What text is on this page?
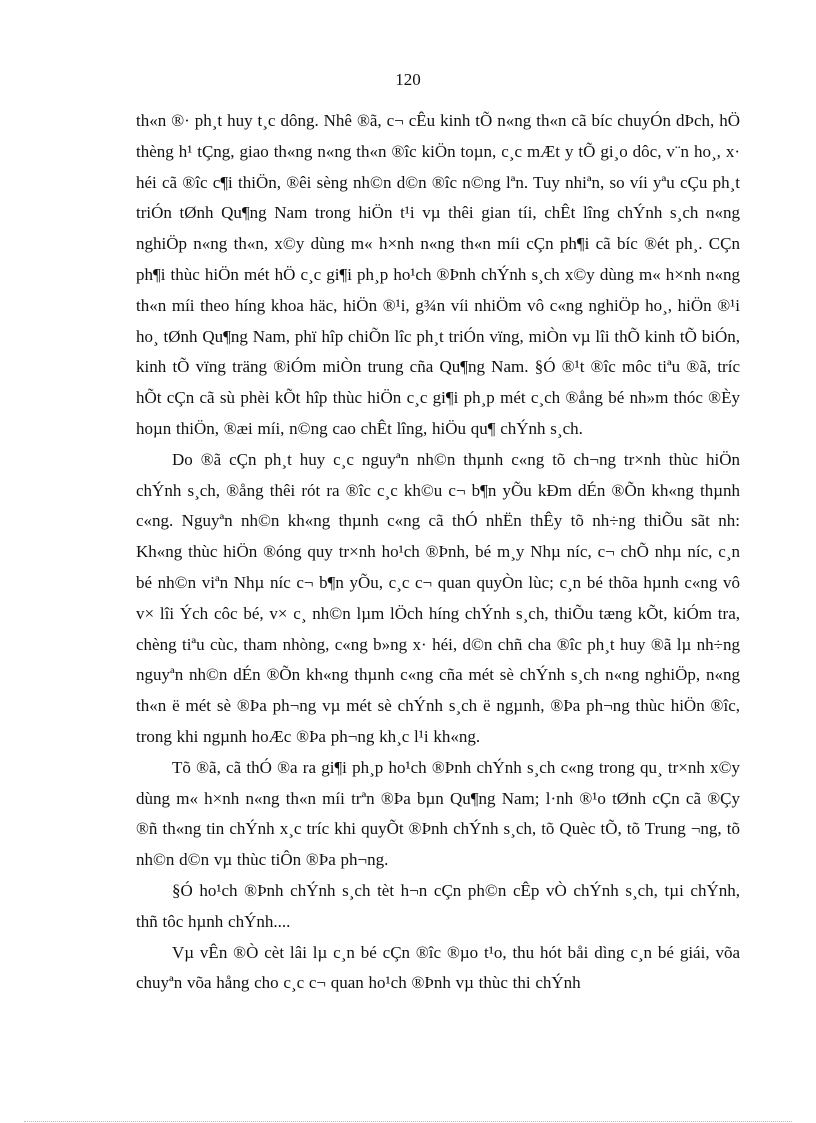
120

th«n ®· ph¸t huy t¸c dông. Nhê ®ã, c¬ cÊu kinh tÕ n«ng th«n cã bíc chuyÓn dÞch, hÖ thèng h¹ tÇng, giao th«ng n«ng th«n ®îc kiÖn toµn, c¸c mÆt y tÕ gi¸o dôc, v¨n ho¸, x· héi cã ®îc c¶i thiÖn, ®êi sèng nh©n d©n ®îc n©ng lªn. Tuy nhiªn, so víi yªu cÇu ph¸t triÓn tØnh Qu¶ng Nam trong hiÖn t¹i vµ thêi gian tíi, chÊt lîng chÝnh s¸ch n«ng nghiÖp n«ng th«n, x©y dùng m« h×nh n«ng th«n míi cÇn ph¶i cã bíc ®ét ph¸. CÇn ph¶i thùc hiÖn mét hÖ c¸c gi¶i ph¸p ho¹ch ®Þnh chÝnh s¸ch x©y dùng m« h×nh n«ng th«n míi theo híng khoa häc, hiÖn ®¹i, g¾n víi nhiÖm vô c«ng nghiÖp ho¸, hiÖn ®¹i ho¸ tØnh Qu¶ng Nam, phï hîp chiÕn lîc ph¸t triÓn vïng, miÒn vµ lîi thÕ kinh tÕ biÓn, kinh tÕ vïng träng ®iÓm miÒn trung cña Qu¶ng Nam. §Ó ®¹t ®îc môc tiªu ®ã, tríc hÕt cÇn cã sù phèi kÕt hîp thùc hiÖn c¸c gi¶i ph¸p mét c¸ch ®ång bé nh»m thóc ®Èy hoµn thiÖn, ®æi míi, n©ng cao chÊt lîng, hiÖu qu¶ chÝnh s¸ch.

Do ®ã cÇn ph¸t huy c¸c nguyªn nh©n thµnh c«ng tõ ch¬ng tr×nh thùc hiÖn chÝnh s¸ch, ®ång thêi rót ra ®îc c¸c kh©u c¬ b¶n yÕu kÐm dÉn ®Õn kh«ng thµnh c«ng. Nguyªn nh©n kh«ng thµnh c«ng cã thÓ nhËn thÊy tõ nh÷ng thiÕu sãt nh: Kh«ng thùc hiÖn ®óng quy tr×nh ho¹ch ®Þnh, bé m¸y Nhµ níc, c¬ chÕ nhµ níc, c¸n bé nh©n viªn Nhµ níc c¬ b¶n yÕu, c¸c c¬ quan quyÒn lùc; c¸n bé thõa hµnh c«ng vô v× lîi Ých côc bé, v× c¸ nh©n lµm lÖch híng chÝnh s¸ch, thiÕu tæng kÕt, kiÓm tra, chèng tiªu cùc, tham nhòng, c«ng b»ng x· héi, d©n chñ cha ®îc ph¸t huy ®ã lµ nh÷ng nguyªn nh©n dÉn ®Õn kh«ng thµnh c«ng cña mét sè chÝnh s¸ch n«ng nghiÖp, n«ng th«n ë mét sè ®Þa ph¬ng vµ mét sè chÝnh s¸ch ë ngµnh, ®Þa ph¬ng thùc hiÖn ®îc, trong khi ngµnh hoÆc ®Þa ph¬ng kh¸c l¹i kh«ng.

Tõ ®ã, cã thÓ ®a ra gi¶i ph¸p ho¹ch ®Þnh chÝnh s¸ch c«ng trong qu¸ tr×nh x©y dùng m« h×nh n«ng th«n míi trªn ®Þa bµn Qu¶ng Nam; l·nh ®¹o tØnh cÇn cã ®Çy ®ñ th«ng tin chÝnh x¸c tríc khi quyÕt ®Þnh chÝnh s¸ch, tõ Quèc tÕ, tõ Trung ¬ng, tõ nh©n d©n vµ thùc tiÔn ®Þa ph¬ng.

§Ó ho¹ch ®Þnh chÝnh s¸ch tèt h¬n cÇn ph©n cÊp vÒ chÝnh s¸ch, tµi chÝnh, thñ tôc hµnh chÝnh....

Vµ vÊn ®Ò cèt lâi lµ c¸n bé cÇn ®îc ®µo t¹o, thu hót båi dìng c¸n bé giái, võa chuyªn võa hång cho c¸c c¬ quan ho¹ch ®Þnh vµ thùc thi chÝnh
